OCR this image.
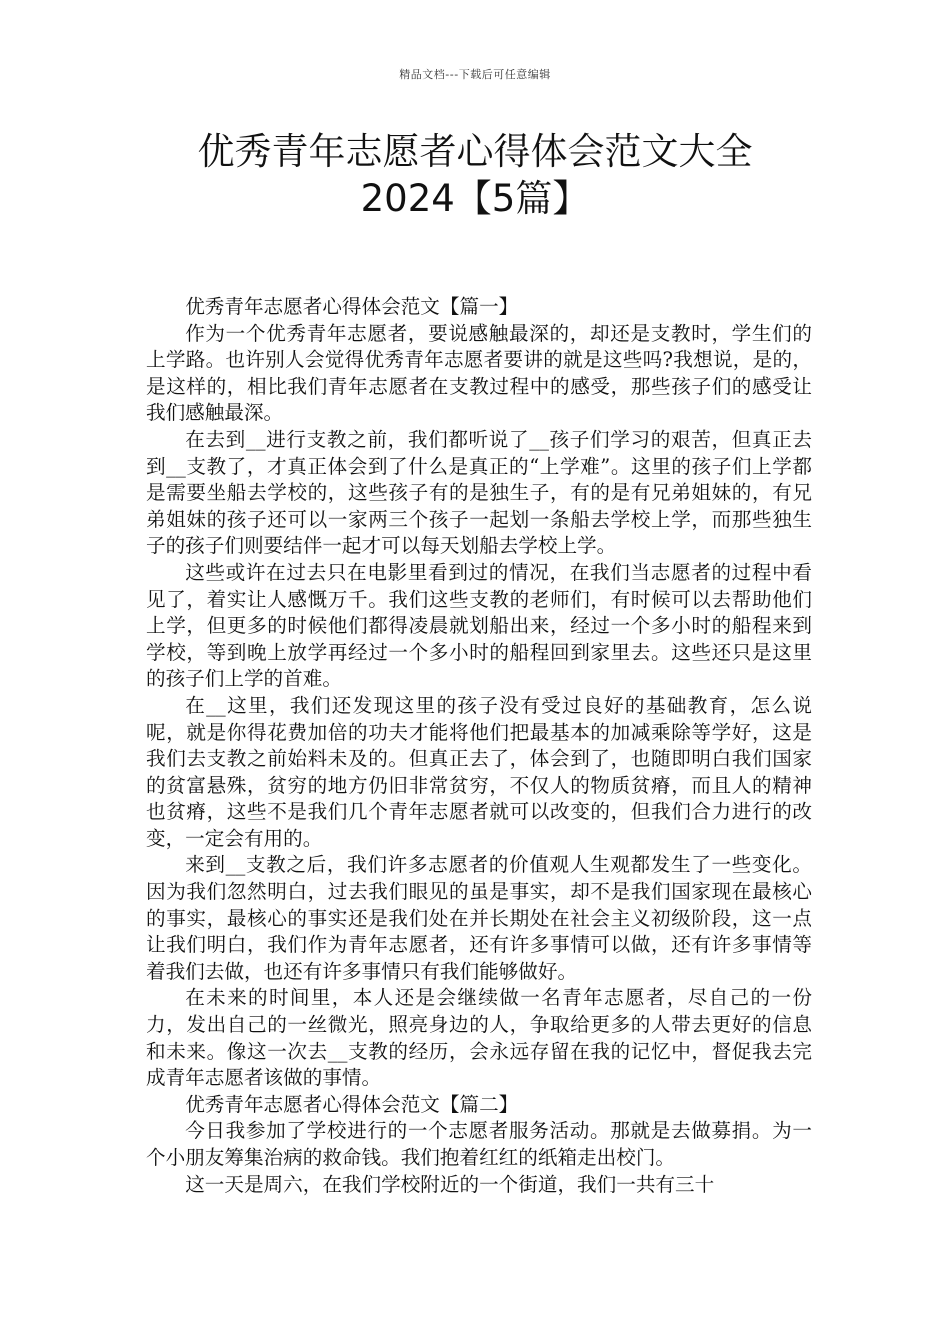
精品文档---下载后可任意编辑
优秀青年志愿者心得体会范文大全
2024【5篇】

优秀青年志愿者心得体会范文【篇一】

作为一个优秀青年志愿者，要说感触最深的，却还是支教时，学生们的上学路。也许别人会觉得优秀青年志愿者要讲的就是这些吗?我想说，是的，是这样的，相比我们青年志愿者在支教过程中的感受，那些孩子们的感受让我们感触最深。

在去到__进行支教之前，我们都听说了__孩子们学习的艰苦，但真正去到__支教了，才真正体会到了什么是真正的“上学难”。这里的孩子们上学都是需要坐船去学校的，这些孩子有的是独生子，有的是有兄弟姐妹的，有兄弟姐妹的孩子还可以一家两三个孩子一起划一条船去学校上学，而那些独生子的孩子们则要结伴一起才可以每天划船去学校上学。

这些或许在过去只在电影里看到过的情况，在我们当志愿者的过程中看见了，着实让人感慨万千。我们这些支教的老师们，有时候可以去帮助他们上学，但更多的时候他们都得凌晨就划船出来，经过一个多小时的船程来到学校，等到晚上放学再经过一个多小时的船程回到家里去。这些还只是这里的孩子们上学的首难。

在__这里，我们还发现这里的孩子没有受过良好的基础教育，怎么说呢，就是你得花费加倍的功夫才能将他们把最基本的加减乘除等学好，这是我们去支教之前始料未及的。但真正去了，体会到了，也随即明白我们国家的贫富悬殊，贫穷的地方仍旧非常贫穷，不仅人的物质贫瘠，而且人的精神也贫瘠，这些不是我们几个青年志愿者就可以改变的，但我们合力进行的改变，一定会有用的。

来到__支教之后，我们许多志愿者的价值观人生观都发生了一些变化。因为我们忽然明白，过去我们眼见的虽是事实，却不是我们国家现在最核心的事实，最核心的事实还是我们处在并长期处在社会主义初级阶段，这一点让我们明白，我们作为青年志愿者，还有许多事情可以做，还有许多事情等着我们去做，也还有许多事情只有我们能够做好。

在未来的时间里，本人还是会继续做一名青年志愿者，尽自己的一份力，发出自己的一丝微光，照亮身边的人，争取给更多的人带去更好的信息和未来。像这一次去__支教的经历，会永远存留在我的记忆中，督促我去完成青年志愿者该做的事情。

优秀青年志愿者心得体会范文【篇二】

今日我参加了学校进行的一个志愿者服务活动。那就是去做募捐。为一个小朋友筹集治病的救命钱。我们抱着红红的纸箱走出校门。

这一天是周六，在我们学校附近的一个街道，我们一共有三十
